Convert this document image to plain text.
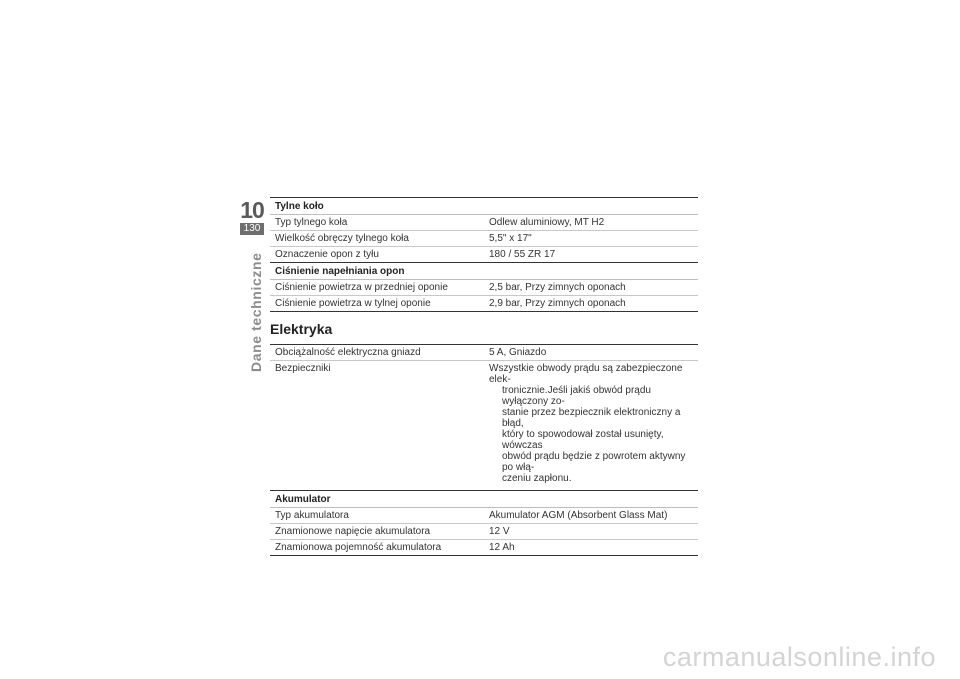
10
130
Dane techniczne
Tylne koło
Typ tylnego koła	Odlew aluminiowy, MT H2
Wielkość obręczy tylnego koła	5,5" x 17"
Oznaczenie opon z tyłu	180 / 55 ZR 17
Ciśnienie napełniania opon
Ciśnienie powietrza w przedniej oponie	2,5 bar, Przy zimnych oponach
Ciśnienie powietrza w tylnej oponie	2,9 bar, Przy zimnych oponach
Elektryka
Obciążalność elektryczna gniazd	5 A, Gniazdo
Bezpieczniki	Wszystkie obwody prądu są zabezpieczone elek-
tronicznie.Jeśli jakiś obwód prądu wyłączony zo-
stanie przez bezpiecznik elektroniczny a błąd,
który to spowodował został usunięty, wówczas
obwód prądu będzie z powrotem aktywny po włą-
czeniu zapłonu.
Akumulator
Typ akumulatora	Akumulator AGM (Absorbent Glass Mat)
Znamionowe napięcie akumulatora	12 V
Znamionowa pojemność akumulatora	12 Ah
carmanualsonline.info
